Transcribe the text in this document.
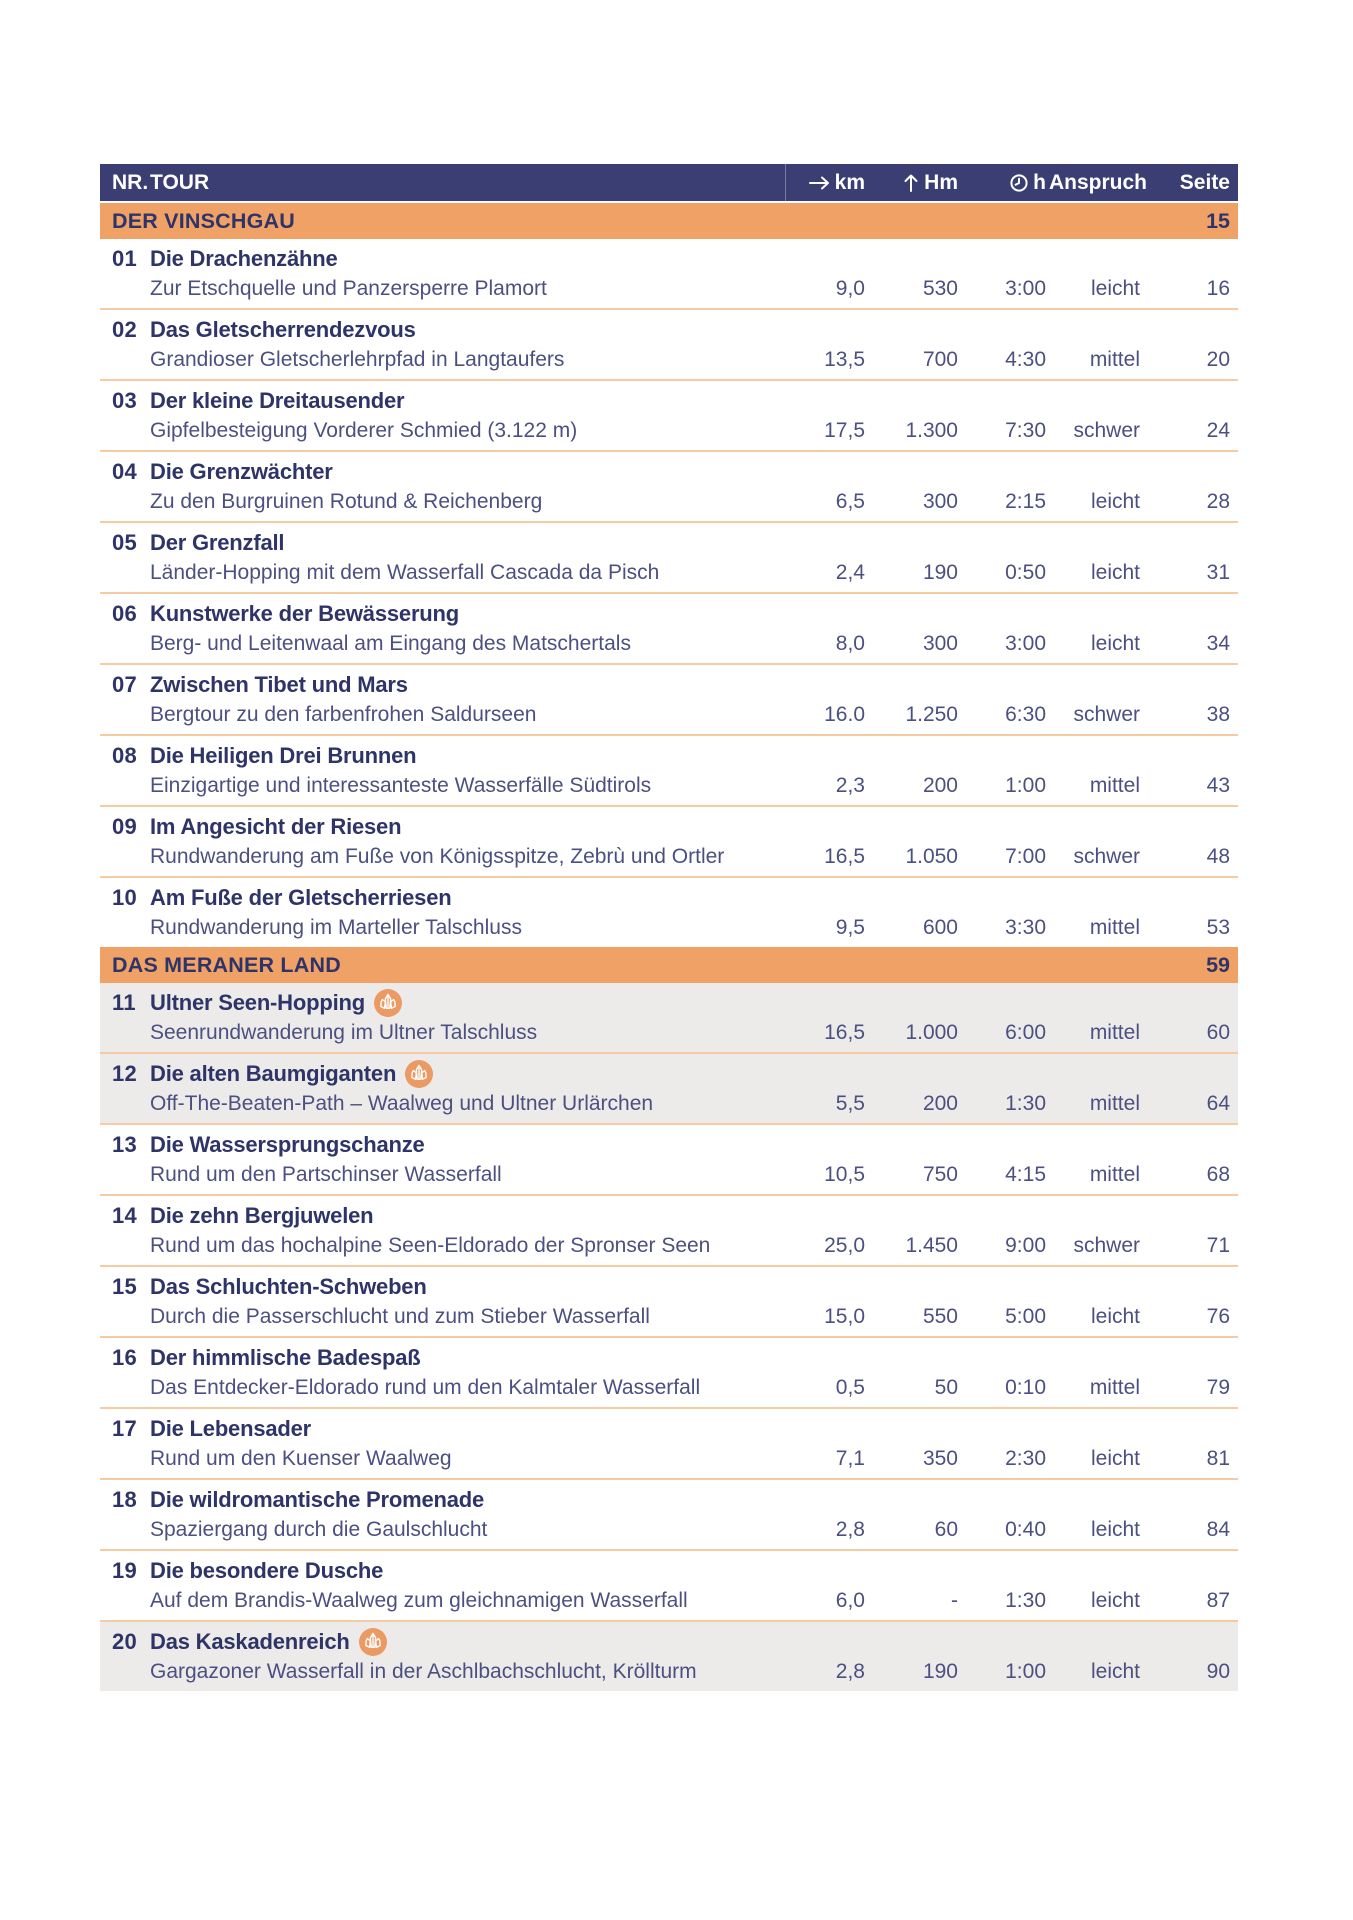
NR. TOUR	km	Hm	h Anspruch	Seite
DER VINSCHGAU	15
01 Die Drachenzähne
Zur Etschquelle und Panzersperre Plamort	9,0	530	3:00	leicht	16
02 Das Gletscherrendezvous
Grandioser Gletscherlehrpfad in Langtaufers	13,5	700	4:30	mittel	20
03 Der kleine Dreitausender
Gipfelbesteigung Vorderer Schmied (3.122 m)	17,5	1.300	7:30	schwer	24
04 Die Grenzwächter
Zu den Burgruinen Rotund & Reichenberg	6,5	300	2:15	leicht	28
05 Der Grenzfall
Länder-Hopping mit dem Wasserfall Cascada da Pisch	2,4	190	0:50	leicht	31
06 Kunstwerke der Bewässerung
Berg- und Leitenwaal am Eingang des Matschertals	8,0	300	3:00	leicht	34
07 Zwischen Tibet und Mars
Bergtour zu den farbenfrohen Saldurseen	16.0	1.250	6:30	schwer	38
08 Die Heiligen Drei Brunnen
Einzigartige und interessanteste Wasserfälle Südtirols	2,3	200	1:00	mittel	43
09 Im Angesicht der Riesen
Rundwanderung am Fuße von Königsspitze, Zebrù und Ortler	16,5	1.050	7:00	schwer	48
10 Am Fuße der Gletscherriesen
Rundwanderung im Marteller Talschluss	9,5	600	3:30	mittel	53
DAS MERANER LAND	59
11 Ultner Seen-Hopping
Seenrundwanderung im Ultner Talschluss	16,5	1.000	6:00	mittel	60
12 Die alten Baumgiganten
Off-The-Beaten-Path – Waalweg und Ultner Urlärchen	5,5	200	1:30	mittel	64
13 Die Wassersprungschanze
Rund um den Partschinser Wasserfall	10,5	750	4:15	mittel	68
14 Die zehn Bergjuwelen
Rund um das hochalpine Seen-Eldorado der Spronser Seen	25,0	1.450	9:00	schwer	71
15 Das Schluchten-Schweben
Durch die Passerschlucht und zum Stieber Wasserfall	15,0	550	5:00	leicht	76
16 Der himmlische Badespaß
Das Entdecker-Eldorado rund um den Kalmtaler Wasserfall	0,5	50	0:10	mittel	79
17 Die Lebensader
Rund um den Kuenser Waalweg	7,1	350	2:30	leicht	81
18 Die wildromantische Promenade
Spaziergang durch die Gaulschlucht	2,8	60	0:40	leicht	84
19 Die besondere Dusche
Auf dem Brandis-Waalweg zum gleichnamigen Wasserfall	6,0	-	1:30	leicht	87
20 Das Kaskadenreich
Gargazoner Wasserfall in der Aschlbachschlucht, Kröllturm	2,8	190	1:00	leicht	90
